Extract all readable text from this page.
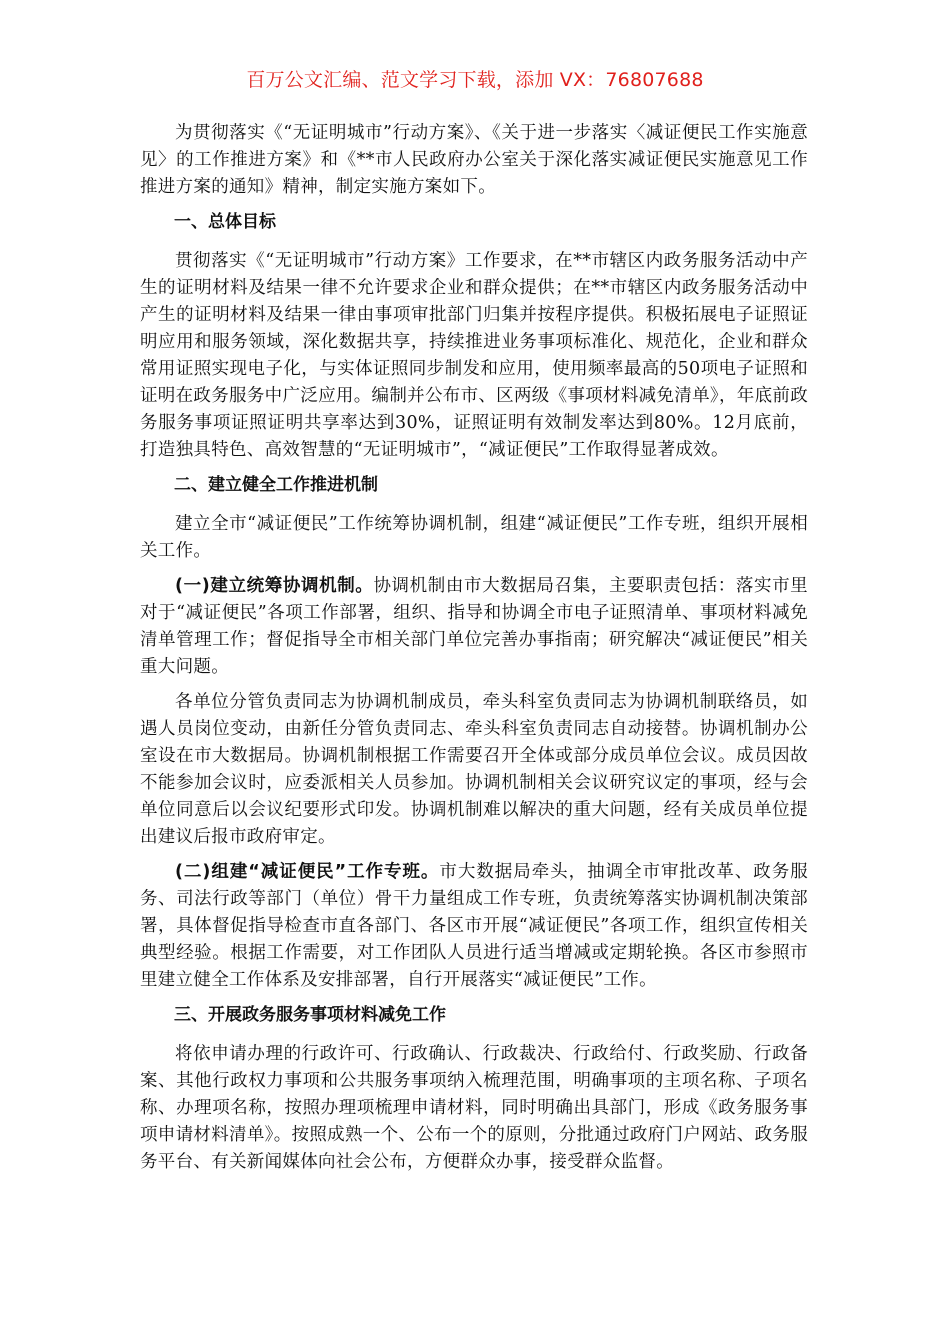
百万公文汇编、范文学习下载，添加 VX：76807688

为贯彻落实《“无证明城市”行动方案》、《关于进一步落实〈减证便民工作实施意见〉的工作推进方案》和《**市人民政府办公室关于深化落实减证便民实施意见工作推进方案的通知》精神，制定实施方案如下。

一、总体目标

贯彻落实《“无证明城市”行动方案》工作要求，在**市辖区内政务服务活动中产生的证明材料及结果一律不允许要求企业和群众提供；在**市辖区内政务服务活动中产生的证明材料及结果一律由事项审批部门归集并按程序提供。积极拓展电子证照证明应用和服务领域，深化数据共享，持续推进业务事项标准化、规范化，企业和群众常用证照实现电子化，与实体证照同步制发和应用，使用频率最高的50项电子证照和证明在政务服务中广泛应用。编制并公布市、区两级《事项材料减免清单》，年底前政务服务事项证照证明共享率达到30%，证照证明有效制发率达到80%。12月底前，打造独具特色、高效智慧的“无证明城市”，“减证便民”工作取得显著成效。

二、建立健全工作推进机制

建立全市“减证便民”工作统筹协调机制，组建“减证便民”工作专班，组织开展相关工作。

(一)建立统筹协调机制。协调机制由市大数据局召集，主要职责包括：落实市里对于“减证便民”各项工作部署，组织、指导和协调全市电子证照清单、事项材料减免清单管理工作；督促指导全市相关部门单位完善办事指南；研究解决“减证便民”相关重大问题。

各单位分管负责同志为协调机制成员，牵头科室负责同志为协调机制联络员，如遇人员岗位变动，由新任分管负责同志、牵头科室负责同志自动接替。协调机制办公室设在市大数据局。协调机制根据工作需要召开全体或部分成员单位会议。成员因故不能参加会议时，应委派相关人员参加。协调机制相关会议研究议定的事项，经与会单位同意后以会议纪要形式印发。协调机制难以解决的重大问题，经有关成员单位提出建议后报市政府审定。

(二)组建“减证便民”工作专班。市大数据局牵头，抽调全市审批改革、政务服务、司法行政等部门（单位）骨干力量组成工作专班，负责统筹落实协调机制决策部署，具体督促指导检查市直各部门、各区市开展“减证便民”各项工作，组织宣传相关典型经验。根据工作需要，对工作团队人员进行适当增减或定期轮换。各区市参照市里建立健全工作体系及安排部署，自行开展落实“减证便民”工作。

三、开展政务服务事项材料减免工作

将依申请办理的行政许可、行政确认、行政裁决、行政给付、行政奖励、行政备案、其他行政权力事项和公共服务事项纳入梳理范围，明确事项的主项名称、子项名称、办理项名称，按照办理项梳理申请材料，同时明确出具部门，形成《政务服务事项申请材料清单》。按照成熟一个、公布一个的原则，分批通过政府门户网站、政务服务平台、有关新闻媒体向社会公布，方便群众办事，接受群众监督。
